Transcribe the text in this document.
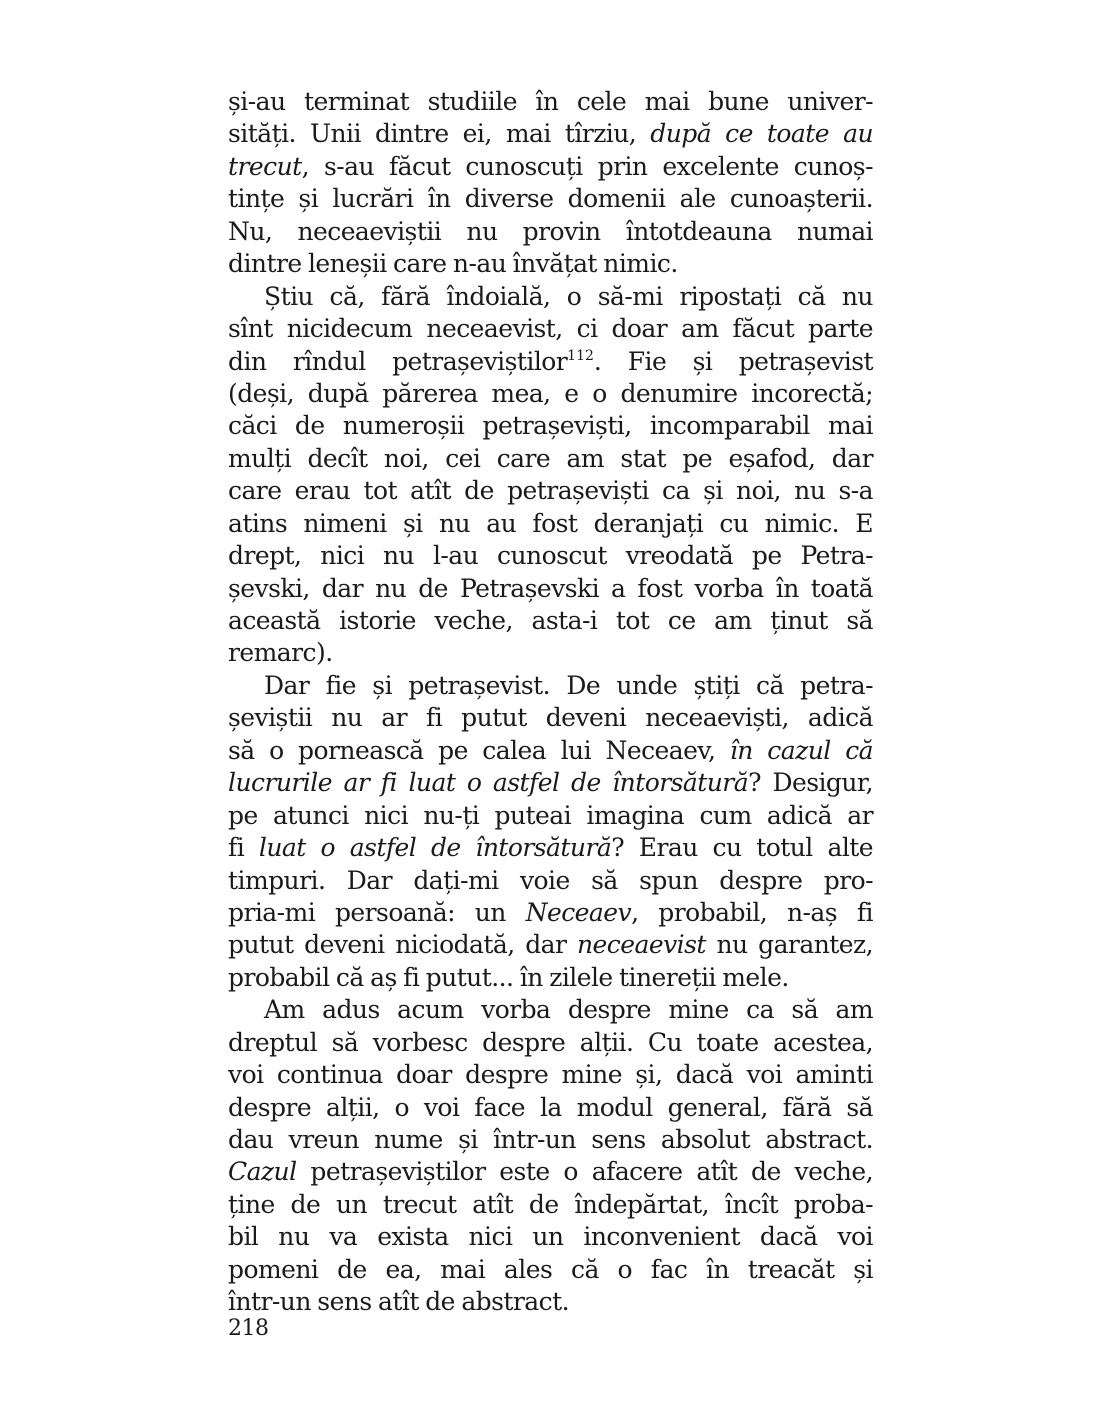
și-au terminat studiile în cele mai bune univer-
sități. Unii dintre ei, mai tîrziu, după ce toate au
trecut, s-au făcut cunoscuți prin excelente cunoș-
tințe și lucrări în diverse domenii ale cunoașterii.
Nu, neceaeviștii nu provin întotdeauna numai
dintre leneșii care n-au învățat nimic.
Știu că, fără îndoială, o să-mi ripostați că nu
sînt nicidecum neceaevist, ci doar am făcut parte
din rîndul petrașeviștilor$^{112}$. Fie și petrașevist
(deși, după părerea mea, e o denumire incorectă;
căci de numeroșii petrașeviști, incomparabil mai
mulți decît noi, cei care am stat pe eșafod, dar
care erau tot atît de petrașeviști ca și noi, nu s-a
atins nimeni și nu au fost deranjați cu nimic. E
drept, nici nu l-au cunoscut vreodată pe Petra-
șevski, dar nu de Petrașevski a fost vorba în toată
această istorie veche, asta-i tot ce am ținut să
remarc).
Dar fie și petrașevist. De unde știți că petra-
șeviștii nu ar fi putut deveni neceaeviști, adică
să o pornească pe calea lui Neceaev, în cazul că
lucrurile ar fi luat o astfel de întorsătură? Desigur,
pe atunci nici nu-ți puteai imagina cum adică ar
fi luat o astfel de întorsătură? Erau cu totul alte
timpuri. Dar dați-mi voie să spun despre pro-
pria-mi persoană: un Neceaev, probabil, n-aș fi
putut deveni niciodată, dar neceaevist nu garantez,
probabil că aș fi putut... în zilele tinereții mele.
Am adus acum vorba despre mine ca să am
dreptul să vorbesc despre alții. Cu toate acestea,
voi continua doar despre mine și, dacă voi aminti
despre alții, o voi face la modul general, fără să
dau vreun nume și într-un sens absolut abstract.
Cazul petrașeviștilor este o afacere atît de veche,
ține de un trecut atît de îndepărtat, încît proba-
bil nu va exista nici un inconvenient dacă voi
pomeni de ea, mai ales că o fac în treacăt și
într-un sens atît de abstract.
218
